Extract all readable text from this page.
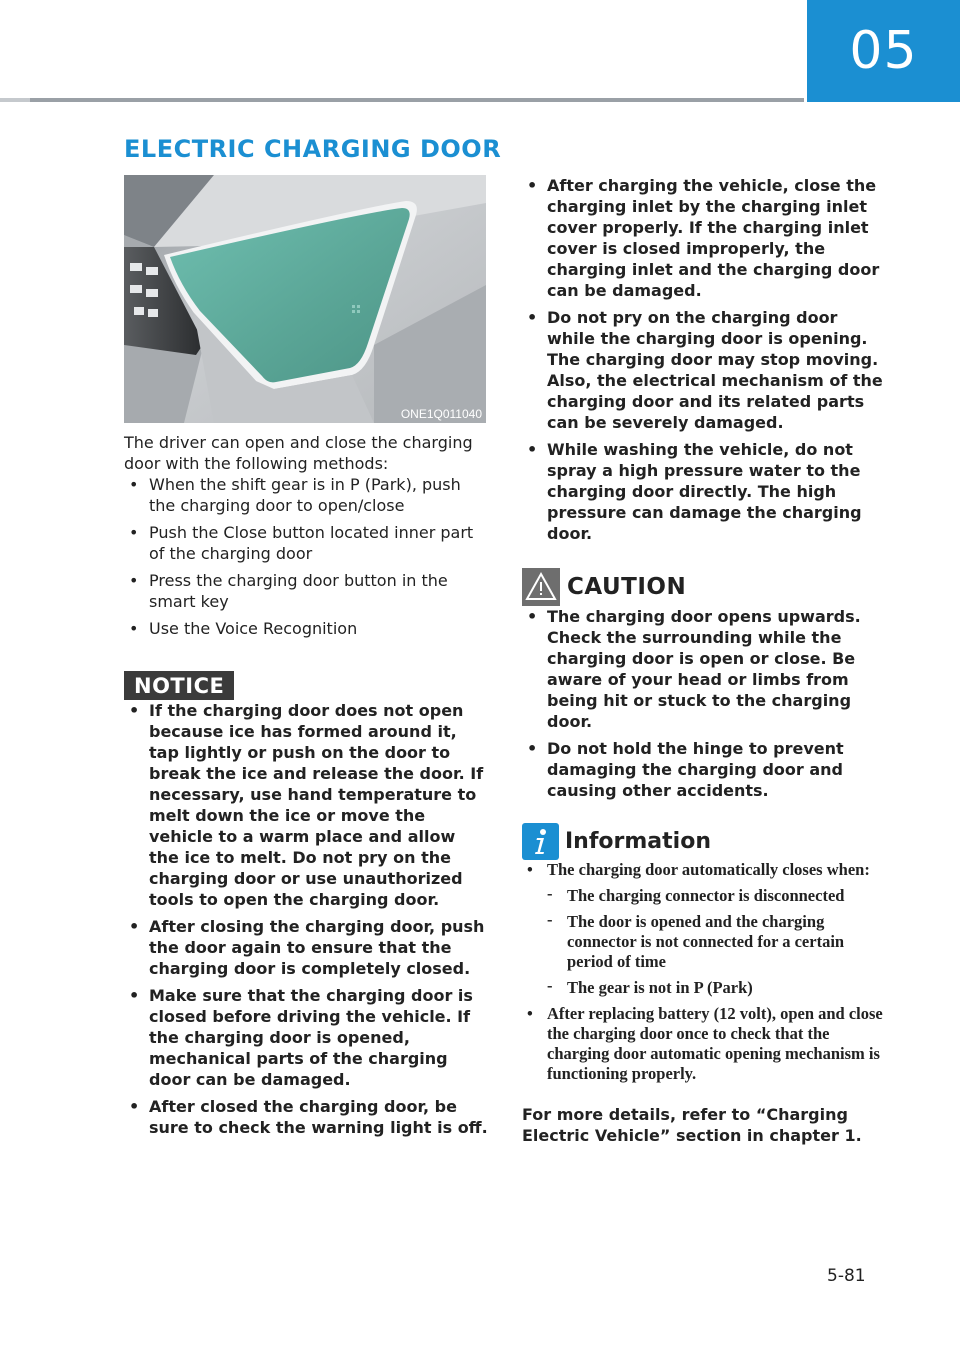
05
ELECTRIC CHARGING DOOR
ONE1Q011040

The driver can open and close the charging door with the following methods:

• When the shift gear is in P (Park), push the charging door to open/close
• Push the Close button located inner part of the charging door
• Press the charging door button in the smart key
• Use the Voice Recognition
NOTICE
• If the charging door does not open because ice has formed around it, tap lightly or push on the door to break the ice and release the door. If necessary, use hand temperature to melt down the ice or move the vehicle to a warm place and allow the ice to melt. Do not pry on the charging door or use unauthorized tools to open the charging door.
• After closing the charging door, push the door again to ensure that the charging door is completely closed.
• Make sure that the charging door is closed before driving the vehicle. If the charging door is opened, mechanical parts of the charging door can be damaged.
• After closed the charging door, be sure to check the warning light is off.
• After charging the vehicle, close the charging inlet by the charging inlet cover properly. If the charging inlet cover is closed improperly, the charging inlet and the charging door can be damaged.
• Do not pry on the charging door while the charging door is opening. The charging door may stop moving. Also, the electrical mechanism of the charging door and its related parts can be severely damaged.
• While washing the vehicle, do not spray a high pressure water to the charging door directly. The high pressure can damage the charging door.
CAUTION
• The charging door opens upwards. Check the surrounding while the charging door is open or close. Be aware of your head or limbs from being hit or stuck to the charging door.
• Do not hold the hinge to prevent damaging the charging door and causing other accidents.
Information
• The charging door automatically closes when:
- The charging connector is disconnected
- The door is opened and the charging connector is not connected for a certain period of time
- The gear is not in P (Park)
• After replacing battery (12 volt), open and close the charging door once to check that the charging door automatic opening mechanism is functioning properly.

For more details, refer to “Charging Electric Vehicle” section in chapter 1.

5-81
